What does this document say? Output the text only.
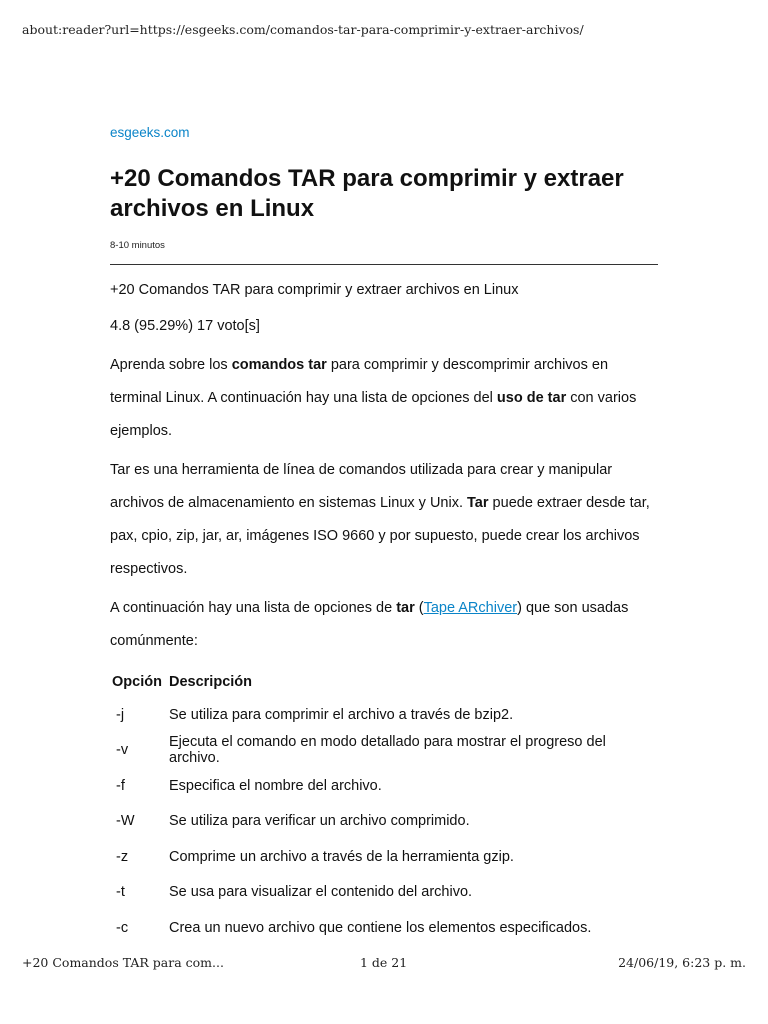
about:reader?url=https://esgeeks.com/comandos-tar-para-comprimir-y-extraer-archivos/
esgeeks.com
+20 Comandos TAR para comprimir y extraer archivos en Linux
8-10 minutos

+20 Comandos TAR para comprimir y extraer archivos en Linux

4.8 (95.29%) 17 voto[s]

Aprenda sobre los comandos tar para comprimir y descomprimir archivos en terminal Linux. A continuación hay una lista de opciones del uso de tar con varios ejemplos.

Tar es una herramienta de línea de comandos utilizada para crear y manipular archivos de almacenamiento en sistemas Linux y Unix. Tar puede extraer desde tar, pax, cpio, zip, jar, ar, imágenes ISO 9660 y por supuesto, puede crear los archivos respectivos.

A continuación hay una lista de opciones de tar (Tape ARchiver) que son usadas comúnmente:

Opción	Descripción
-j	Se utiliza para comprimir el archivo a través de bzip2.
-v	Ejecuta el comando en modo detallado para mostrar el progreso del archivo.
-f	Especifica el nombre del archivo.
-W	Se utiliza para verificar un archivo comprimido.
-z	Comprime un archivo a través de la herramienta gzip.
-t	Se usa para visualizar el contenido del archivo.
-c	Crea un nuevo archivo que contiene los elementos especificados.
+20 Comandos TAR para com...	1 de 21	24/06/19, 6:23 p. m.
